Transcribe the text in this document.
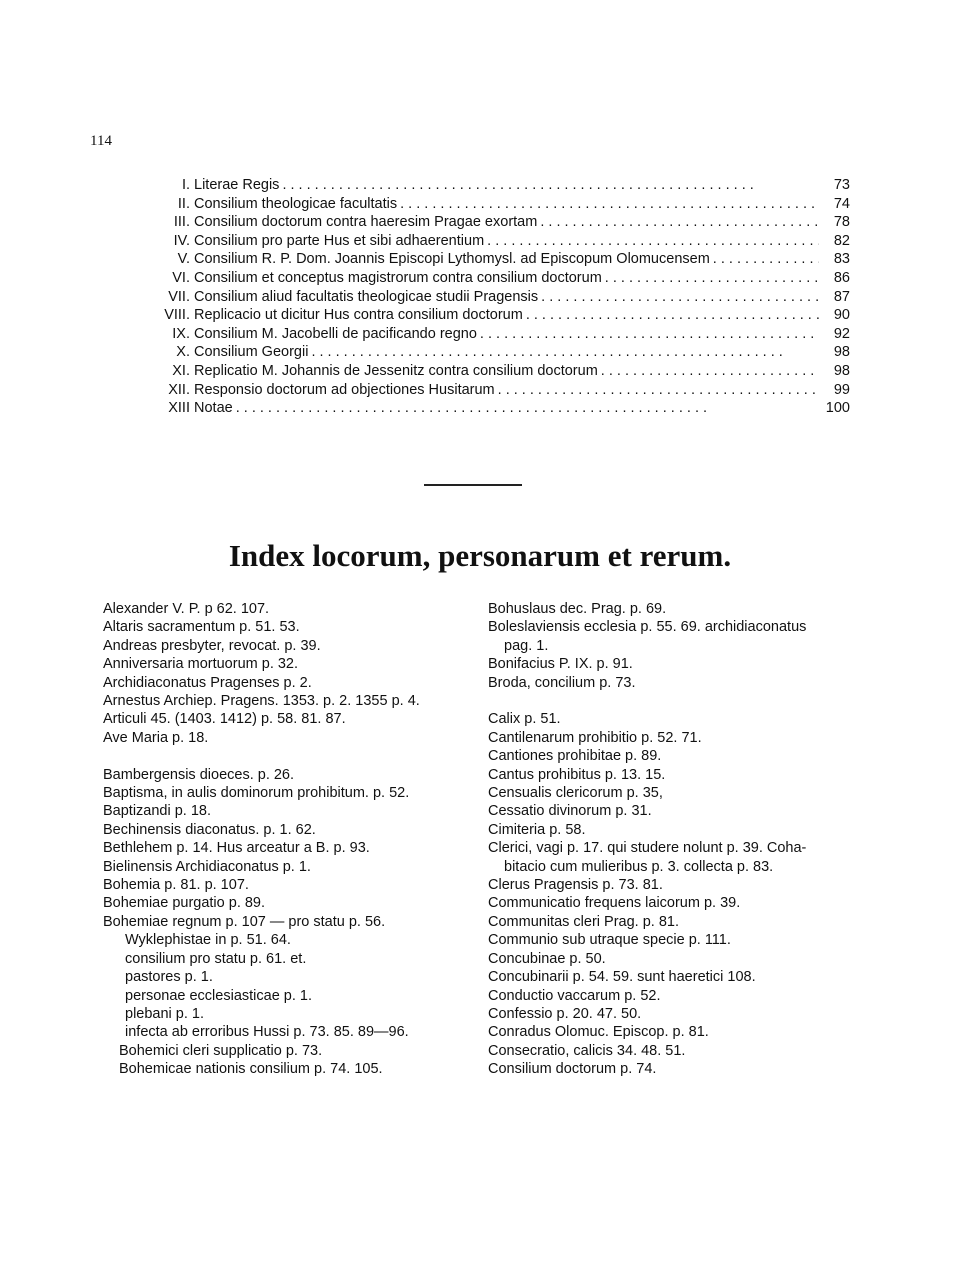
114
I. Literae Regis . . .	73
II. Consilium theologicae facultatis . . .	74
III. Consilium doctorum contra haeresim Pragae exortam . . .	78
IV. Consilium pro parte Hus et sibi adhaerentium . . .	82
V. Consilium R. P. Dom. Joannis Episcopi Lythomysl. ad Episcopum Olomucensem . . .	83
VI. Consilium et conceptus magistrorum contra consilium doctorum . . .	86
VII. Consilium aliud facultatis theologicae studii Pragensis . . .	87
VIII. Replicacio ut dicitur Hus contra consilium doctorum . . .	90
IX. Consilium M. Jacobelli de pacificando regno . . .	92
X. Consilium Georgii . . .	98
XI. Replicatio M. Johannis de Jessenitz contra consilium doctorum . . .	98
XII. Responsio doctorum ad objectiones Husitarum . . .	99
XIII Notae . . .	100
Index locorum, personarum et rerum.
Alexander V. P. p 62. 107.
Altaris sacramentum p. 51. 53.
Andreas presbyter, revocat. p. 39.
Anniversaria mortuorum p. 32.
Archidiaconatus Pragenses p. 2.
Arnestus Archiep. Pragens. 1353. p. 2. 1355 p. 4.
Articuli 45. (1403. 1412) p. 58. 81. 87.
Ave Maria p. 18.
Bambergensis dioeces. p. 26.
Baptisma, in aulis dominorum prohibitum. p. 52.
Baptizandi p. 18.
Bechinensis diaconatus. p. 1. 62.
Bethlehem p. 14. Hus arceatur a B. p. 93.
Bielinensis Archidiaconatus p. 1.
Bohemia p. 81. p. 107.
Bohemiae purgatio p. 89.
Bohemiae regnum p. 107 — pro statu p. 56.
Wyklephistae in p. 51. 64.
consilium pro statu p. 61. et.
pastores p. 1.
personae ecclesiasticae p. 1.
plebani p. 1.
infecta ab erroribus Hussi p. 73. 85. 89—96.
Bohemici cleri supplicatio p. 73.
Bohemicae nationis consilium p. 74. 105.
Bohuslaus dec. Prag. p. 69.
Boleslaviensis ecclesia p. 55. 69. archidiaconatus
pag. 1.
Bonifacius P. IX. p. 91.
Broda, concilium p. 73.
Calix p. 51.
Cantilenarum prohibitio p. 52. 71.
Cantiones prohibitae p. 89.
Cantus prohibitus p. 13. 15.
Censualis clericorum p. 35,
Cessatio divinorum p. 31.
Cimiteria p. 58.
Clerici, vagi p. 17. qui studere nolunt p. 39. Coha-
bitacio cum mulieribus p. 3. collecta p. 83.
Clerus Pragensis p. 73. 81.
Communicatio frequens laicorum p. 39.
Communitas cleri Prag. p. 81.
Communio sub utraque specie p. 111.
Concubinae p. 50.
Concubinarii p. 54. 59. sunt haeretici 108.
Conductio vaccarum p. 52.
Confessio p. 20. 47. 50.
Conradus Olomuc. Episcop. p. 81.
Consecratio, calicis 34. 48. 51.
Consilium doctorum p. 74.
